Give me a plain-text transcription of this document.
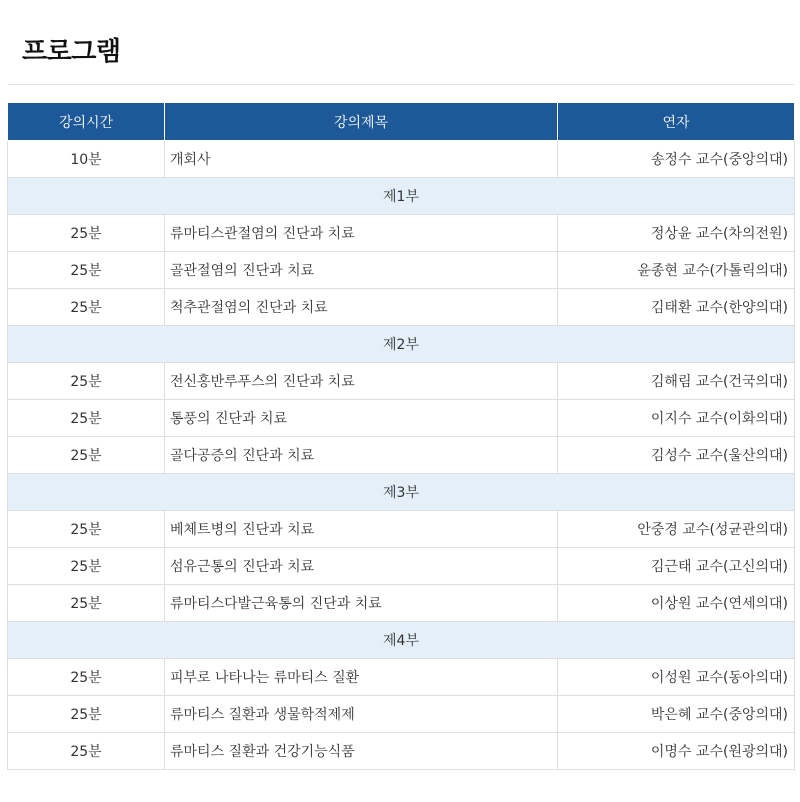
프로그램
강의시간	강의제목	연자
10분	개회사	송정수 교수(중앙의대)
제1부		
25분	류마티스관절염의 진단과 치료	정상윤 교수(차의전원)
25분	골관절염의 진단과 치료	윤종현 교수(가톨릭의대)
25분	척추관절염의 진단과 치료	김태환 교수(한양의대)
제2부		
25분	전신홍반루푸스의 진단과 치료	김해림 교수(건국의대)
25분	통풍의 진단과 치료	이지수 교수(이화의대)
25분	골다공증의 진단과 치료	김성수 교수(울산의대)
제3부		
25분	베체트병의 진단과 치료	안중경 교수(성균관의대)
25분	섬유근통의 진단과 치료	김근태 교수(고신의대)
25분	류마티스다발근육통의 진단과 치료	이상원 교수(연세의대)
제4부		
25분	피부로 나타나는 류마티스 질환	이성원 교수(동아의대)
25분	류마티스 질환과 생물학적제제	박은혜 교수(중앙의대)
25분	류마티스 질환과 건강기능식품	이명수 교수(원광의대)
